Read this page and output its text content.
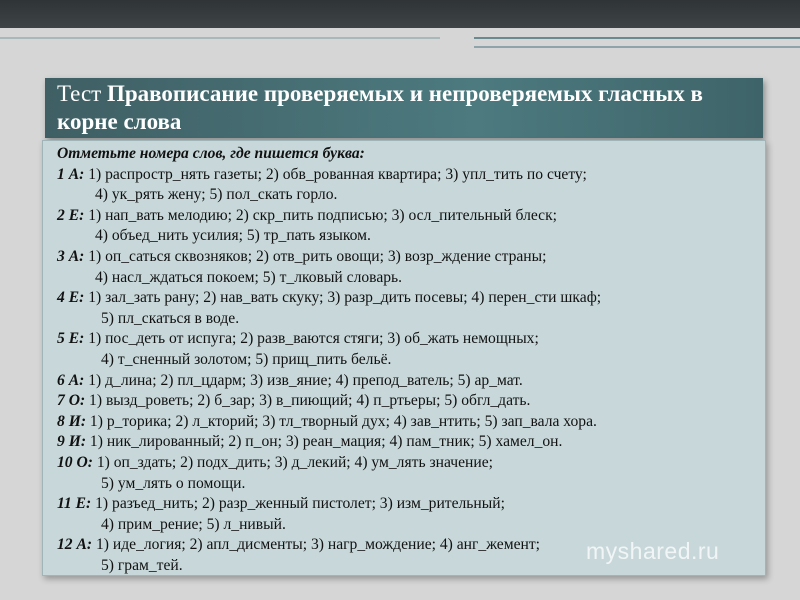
Тест Правописание проверяемых и непроверяемых гласных в корне слова
Отметьте номера слов, где пишется буква:
1 А: 1) распростр_нять газеты; 2) обв_рованная квартира; 3) упл_тить по счету;
4) ук_рять жену; 5) пол_скать горло.
2 Е: 1) нап_вать мелодию; 2) скр_пить подписью; 3) осл_пительный блеск;
4) объед_нить усилия; 5) тр_пать языком.
3 А: 1) оп_саться сквозняков; 2) отв_рить овощи; 3) возр_ждение страны;
4) насл_ждаться покоем; 5) т_лковый словарь.
4 Е: 1) зал_зать рану; 2) нав_вать скуку; 3) разр_дить посевы; 4) перен_сти шкаф;
5) пл_скаться в воде.
5 Е: 1) пос_деть от испуга; 2) разв_ваются стяги; 3) об_жать немощных;
4) т_сненный золотом; 5) прищ_пить бельё.
6 А: 1) д_лина; 2) пл_цдарм; 3) изв_яние; 4) препод_ватель; 5) ар_мат.
7 О: 1) вызд_роветь; 2) б_зар; 3) в_пиющий; 4) п_ртьеры; 5) обгл_дать.
8 И: 1) р_торика; 2) л_кторий; 3) тл_творный дух; 4) зав_нтить; 5) зап_вала хора.
9 И: 1) ник_лированный; 2) п_он; 3) реан_мация; 4) пам_тник; 5) хамел_он.
10 О: 1) оп_здать; 2) подх_дить; 3) д_лекий; 4) ум_лять значение;
5) ум_лять о помощи.
11 Е: 1) разъед_нить; 2) разр_женный пистолет; 3) изм_рительный;
4) прим_рение; 5) л_нивый.
12 А: 1) иде_логия; 2) апл_дисменты; 3) нагр_мождение; 4) анг_жемент;
5) грам_тей.
myshared.ru
